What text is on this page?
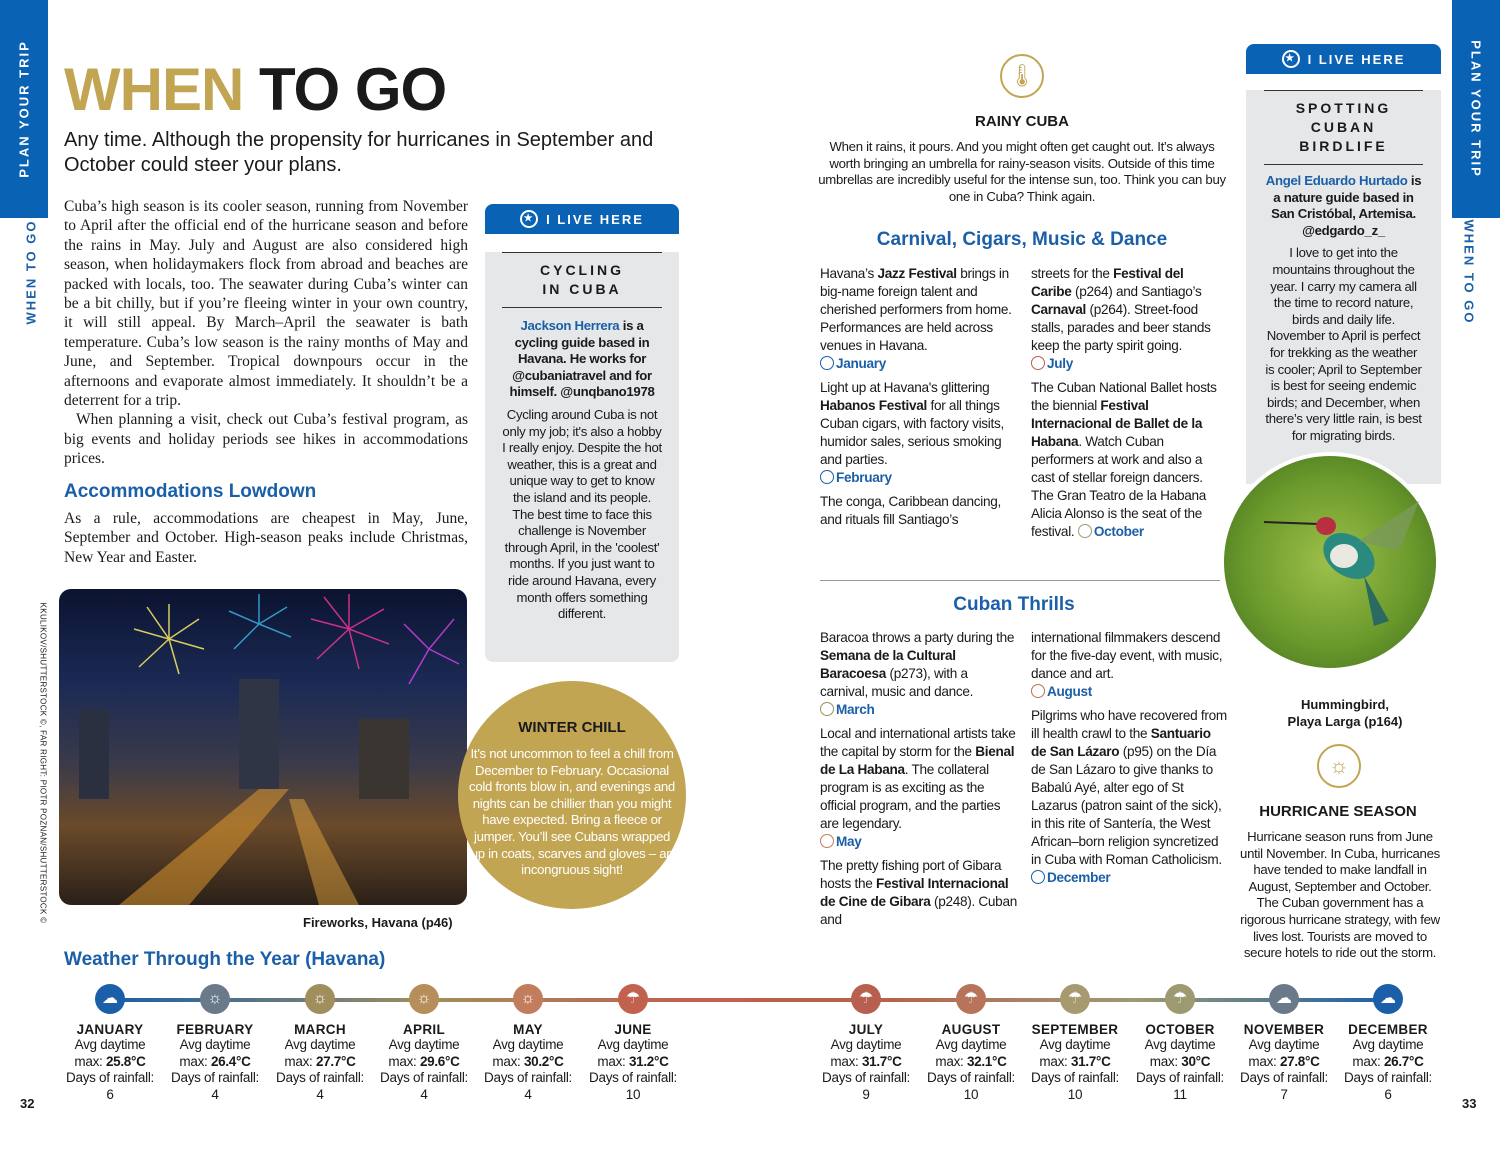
PLAN YOUR TRIP
WHEN TO GO
PLAN YOUR TRIP
WHEN TO GO
WHEN TO GO
Any time. Although the propensity for hurricanes in September and October could steer your plans.

Cuba’s high season is its cooler season, running from November to April after the official end of the hurricane season and before the rains in May. July and August are also considered high season, when holidaymakers flock from abroad and beaches are packed with locals, too. The seawater during Cuba’s winter can be a bit chilly, but if you’re fleeing winter in your own country, it will still appeal. By March–April the seawater is bath temperature. Cuba’s low season is the rainy months of May and June, and September. Tropical downpours occur in the afternoons and evaporate almost immediately. It shouldn’t be a deterrent for a trip.

When planning a visit, check out Cuba’s festival program, as big events and holiday periods see hikes in accommodations prices.

Accommodations Lowdown
As a rule, accommodations are cheapest in May, June, September and October. High-season peaks include Christmas, New Year and Easter.
KKULIKOV/SHUTTERSTOCK ©, FAR RIGHT: PIOTR POZNAN/SHUTTERSTOCK ©	Fireworks, Havana (p46)
★ I LIVE HERE
CYCLING
IN CUBA
Jackson Herrera is a cycling guide based in Havana. He works for @cubaniatravel and for himself. @unqbano1978
Cycling around Cuba is not only my job; it's also a hobby I really enjoy. Despite the hot weather, this is a great and unique way to get to know the island and its people. The best time to face this challenge is November through April, in the 'coolest' months. If you just want to ride around Havana, every month offers something different.
WINTER CHILL
It’s not uncommon to feel a chill from December to February. Occasional cold fronts blow in, and evenings and nights can be chillier than you might have expected. Bring a fleece or jumper. You’ll see Cubans wrapped up in coats, scarves and gloves – an incongruous sight!
🌡
RAINY CUBA
When it rains, it pours. And you might often get caught out. It’s always worth bringing an umbrella for rainy-season visits. Outside of this time umbrellas are incredibly useful for the intense sun, too. Think you can buy one in Cuba? Think again.
Carnival, Cigars, Music & Dance

Havana’s Jazz Festival brings in big-name foreign talent and cherished performers from home. Performances are held across venues in Havana.
January

Light up at Havana's glittering Habanos Festival for all things Cuban cigars, with factory visits, humidor sales, serious smoking and parties.
February

The conga, Caribbean dancing, and rituals fill Santiago’s

streets for the Festival del Caribe (p264) and Santiago’s Carnaval (p264). Street-food stalls, parades and beer stands keep the party spirit going.
July

The Cuban National Ballet hosts the biennial Festival Internacional de Ballet de la Habana. Watch Cuban performers at work and also a cast of stellar foreign dancers. The Gran Teatro de la Habana Alicia Alonso is the seat of the festival. October

Cuban Thrills

Baracoa throws a party during the Semana de la Cultural Baracoesa (p273), with a carnival, music and dance.
March

Local and international artists take the capital by storm for the Bienal de La Habana. The collateral program is as exciting as the official program, and the parties are legendary.
May

The pretty fishing port of Gibara hosts the Festival Internacional de Cine de Gibara (p248). Cuban and

international filmmakers descend for the five-day event, with music, dance and art.
August

Pilgrims who have recovered from ill health crawl to the Santuario de San Lázaro (p95) on the Día de San Lázaro to give thanks to Babalú Ayé, alter ego of St Lazarus (patron saint of the sick), in this rite of Santería, the West African–born religion syncretized in Cuba with Roman Catholicism.
December

★ I LIVE HERE
SPOTTING
CUBAN BIRDLIFE
Angel Eduardo Hurtado is a nature guide based in San Cristóbal, Artemisa. @edgardo_z_
I love to get into the mountains throughout the year. I carry my camera all the time to record nature, birds and daily life. November to April is perfect for trekking as the weather is cooler; April to September is best for seeing endemic birds; and December, when there’s very little rain, is best for migrating birds.
Hummingbird,
Playa Larga (p164)
☼
HURRICANE SEASON
Hurricane season runs from June until November. In Cuba, hurricanes have tended to make landfall in August, September and October. The Cuban government has a rigorous hurricane strategy, with few lives lost. Tourists are moved to secure hotels to ride out the storm.
Weather Through the Year (Havana)
☁
JANUARY
Avg daytime
max: 25.8°C
Days of rainfall:
6
☼
FEBRUARY
Avg daytime
max: 26.4°C
Days of rainfall:
4
☼
MARCH
Avg daytime
max: 27.7°C
Days of rainfall:
4
☼
APRIL
Avg daytime
max: 29.6°C
Days of rainfall:
4
☼
MAY
Avg daytime
max: 30.2°C
Days of rainfall:
4
☂
JUNE
Avg daytime
max: 31.2°C
Days of rainfall:
10
☂
JULY
Avg daytime
max: 31.7°C
Days of rainfall:
9
☂
AUGUST
Avg daytime
max: 32.1°C
Days of rainfall:
10
☂
SEPTEMBER
Avg daytime
max: 31.7°C
Days of rainfall:
10
☂
OCTOBER
Avg daytime
max: 30°C
Days of rainfall:
11
☁
NOVEMBER
Avg daytime
max: 27.8°C
Days of rainfall:
7
☁
DECEMBER
Avg daytime
max: 26.7°C
Days of rainfall:
6
32	33
